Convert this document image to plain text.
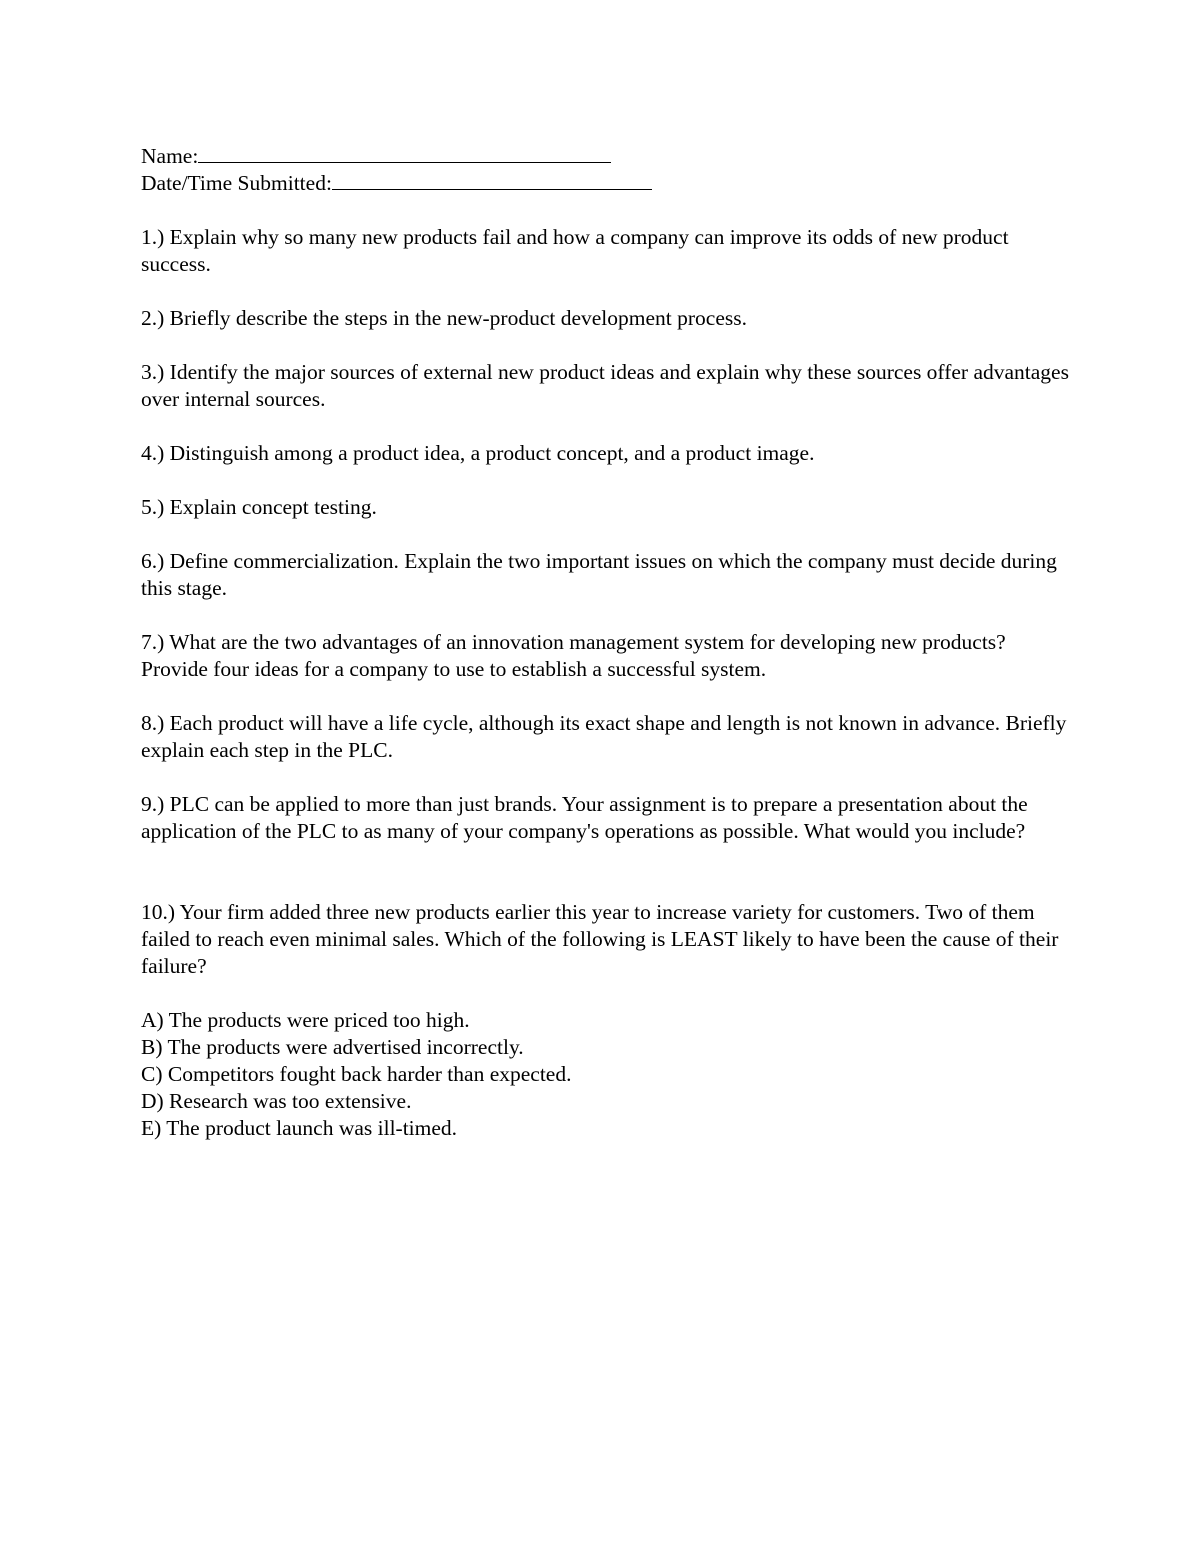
Name:

Date/Time Submitted:

1.) Explain why so many new products fail and how a company can improve its odds of new product success.

2.) Briefly describe the steps in the new-product development process.

3.) Identify the major sources of external new product ideas and explain why these sources offer advantages over internal sources.

4.) Distinguish among a product idea, a product concept, and a product image.

5.) Explain concept testing.

6.) Define commercialization. Explain the two important issues on which the company must decide during this stage.

7.) What are the two advantages of an innovation management system for developing new products? Provide four ideas for a company to use to establish a successful system.

8.) Each product will have a life cycle, although its exact shape and length is not known in advance. Briefly explain each step in the PLC.

9.) PLC can be applied to more than just brands. Your assignment is to prepare a presentation about the application of the PLC to as many of your company's operations as possible. What would you include?

10.) Your firm added three new products earlier this year to increase variety for customers. Two of them failed to reach even minimal sales. Which of the following is LEAST likely to have been the cause of their failure?

A) The products were priced too high.

B) The products were advertised incorrectly.

C) Competitors fought back harder than expected.

D) Research was too extensive.

E) The product launch was ill-timed.
